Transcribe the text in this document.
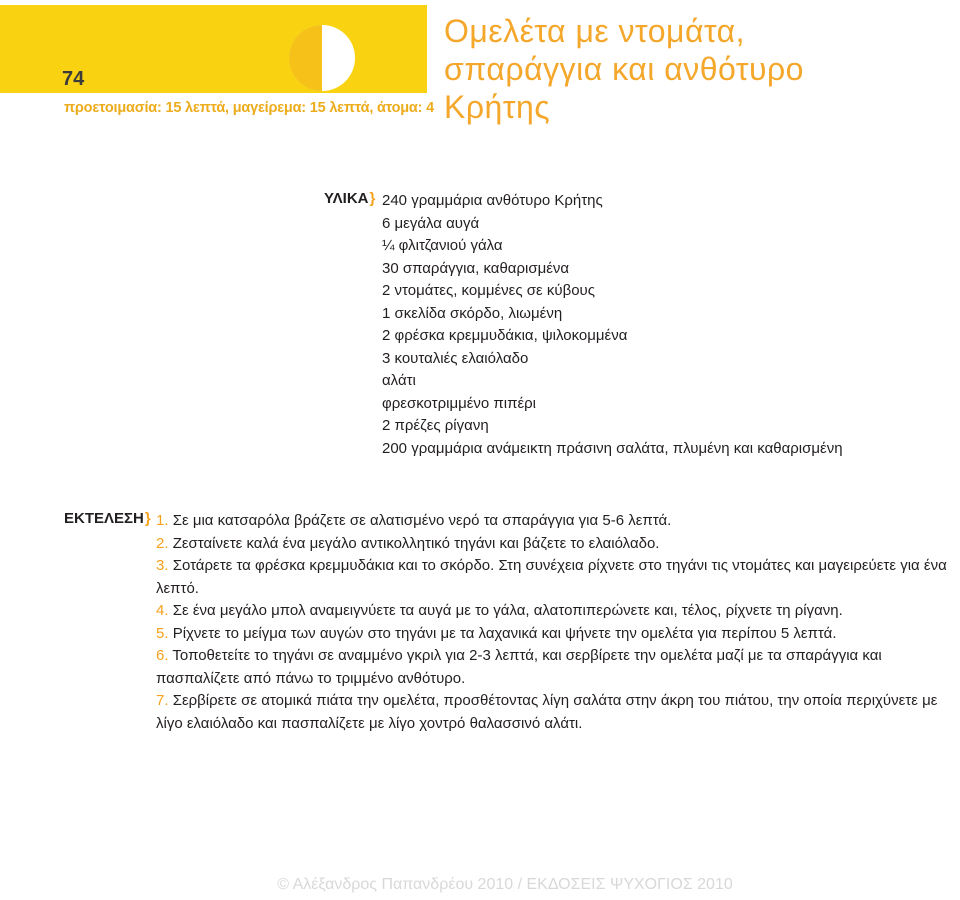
74
προετοιμασία: 15 λεπτά, μαγείρεμα: 15 λεπτά, άτομα: 4
Ομελέτα με ντομάτα,
σπαράγγια και ανθότυρο
Κρήτης
ΥΛΙΚΑ} 240 γραμμάρια ανθότυρο Κρήτης
6 μεγάλα αυγά
¼ φλιτζανιού γάλα
30 σπαράγγια, καθαρισμένα
2 ντομάτες, κομμένες σε κύβους
1 σκελίδα σκόρδο, λιωμένη
2 φρέσκα κρεμμυδάκια, ψιλοκομμένα
3 κουταλιές ελαιόλαδο
αλάτι
φρεσκοτριμμένο πιπέρι
2 πρέζες ρίγανη
200 γραμμάρια ανάμεικτη πράσινη σαλάτα, πλυμένη και καθαρισμένη
ΕΚΤΕΛΕΣΗ} 1. Σε μια κατσαρόλα βράζετε σε αλατισμένο νερό τα σπαράγγια για 5-6 λεπτά.
2. Ζεσταίνετε καλά ένα μεγάλο αντικολλητικό τηγάνι και βάζετε το ελαιόλαδο.
3. Σοτάρετε τα φρέσκα κρεμμυδάκια και το σκόρδο. Στη συνέχεια ρίχνετε στο τηγάνι τις ντομάτες και μαγειρεύετε για ένα λεπτό.
4. Σε ένα μεγάλο μπολ αναμειγνύετε τα αυγά με το γάλα, αλατοπιπερώνετε και, τέλος, ρίχνετε τη ρίγανη.
5. Ρίχνετε το μείγμα των αυγών στο τηγάνι με τα λαχανικά και ψήνετε την ομελέτα για περίπου 5 λεπτά.
6. Τοποθετείτε το τηγάνι σε αναμμένο γκριλ για 2-3 λεπτά, και σερβίρετε την ομελέτα μαζί με τα σπαράγγια και πασπαλίζετε από πάνω το τριμμένο ανθότυρο.
7. Σερβίρετε σε ατομικά πιάτα την ομελέτα, προσθέτοντας λίγη σαλάτα στην άκρη του πιάτου, την οποία περιχύνετε με λίγο ελαιόλαδο και πασπαλίζετε με λίγο χοντρό θαλασσινό αλάτι.
© Αλέξανδρος Παπανδρέου 2010 / ΕΚΔΟΣΕΙΣ ΨΥΧΟΓΙΟΣ 2010
